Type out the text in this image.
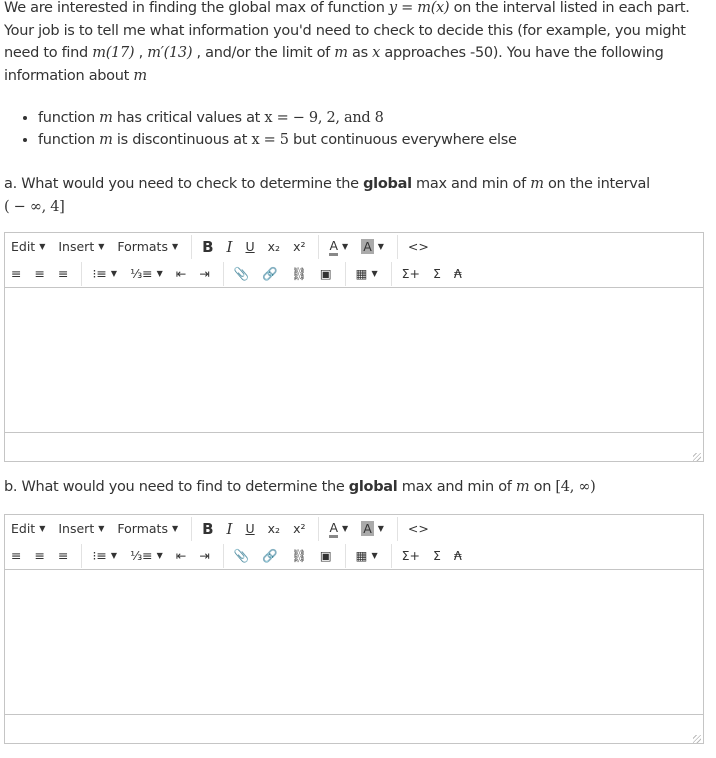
We are interested in finding the global max of function y = m(x) on the interval listed in each part. Your job is to tell me what information you'd need to check to decide this (for example, you might need to find m(17) , m′(13) , and/or the limit of m as x approaches -50). You have the following information about m
• function m has critical values at x = − 9, 2, and 8
• function m is discontinuous at x = 5 but continuous everywhere else
a. What would you need to check to determine the global max and min of m on the interval
( − ∞, 4]
Edit ▼ Insert ▼ Formats ▼ B I U x₂ x² A ▼ A ▼ <>
≡ ≡ ≡ ⁝≡ ▼ ⅓≡ ▼ ⇤ ⇥ 📎 🔗 ⛓ ▣ ▦ ▼ Σ+ Σ ₳
b. What would you need to find to determine the global max and min of m on [4, ∞)
Edit ▼ Insert ▼ Formats ▼ B I U x₂ x² A ▼ A ▼ <>
≡ ≡ ≡ ⁝≡ ▼ ⅓≡ ▼ ⇤ ⇥ 📎 🔗 ⛓ ▣ ▦ ▼ Σ+ Σ ₳
